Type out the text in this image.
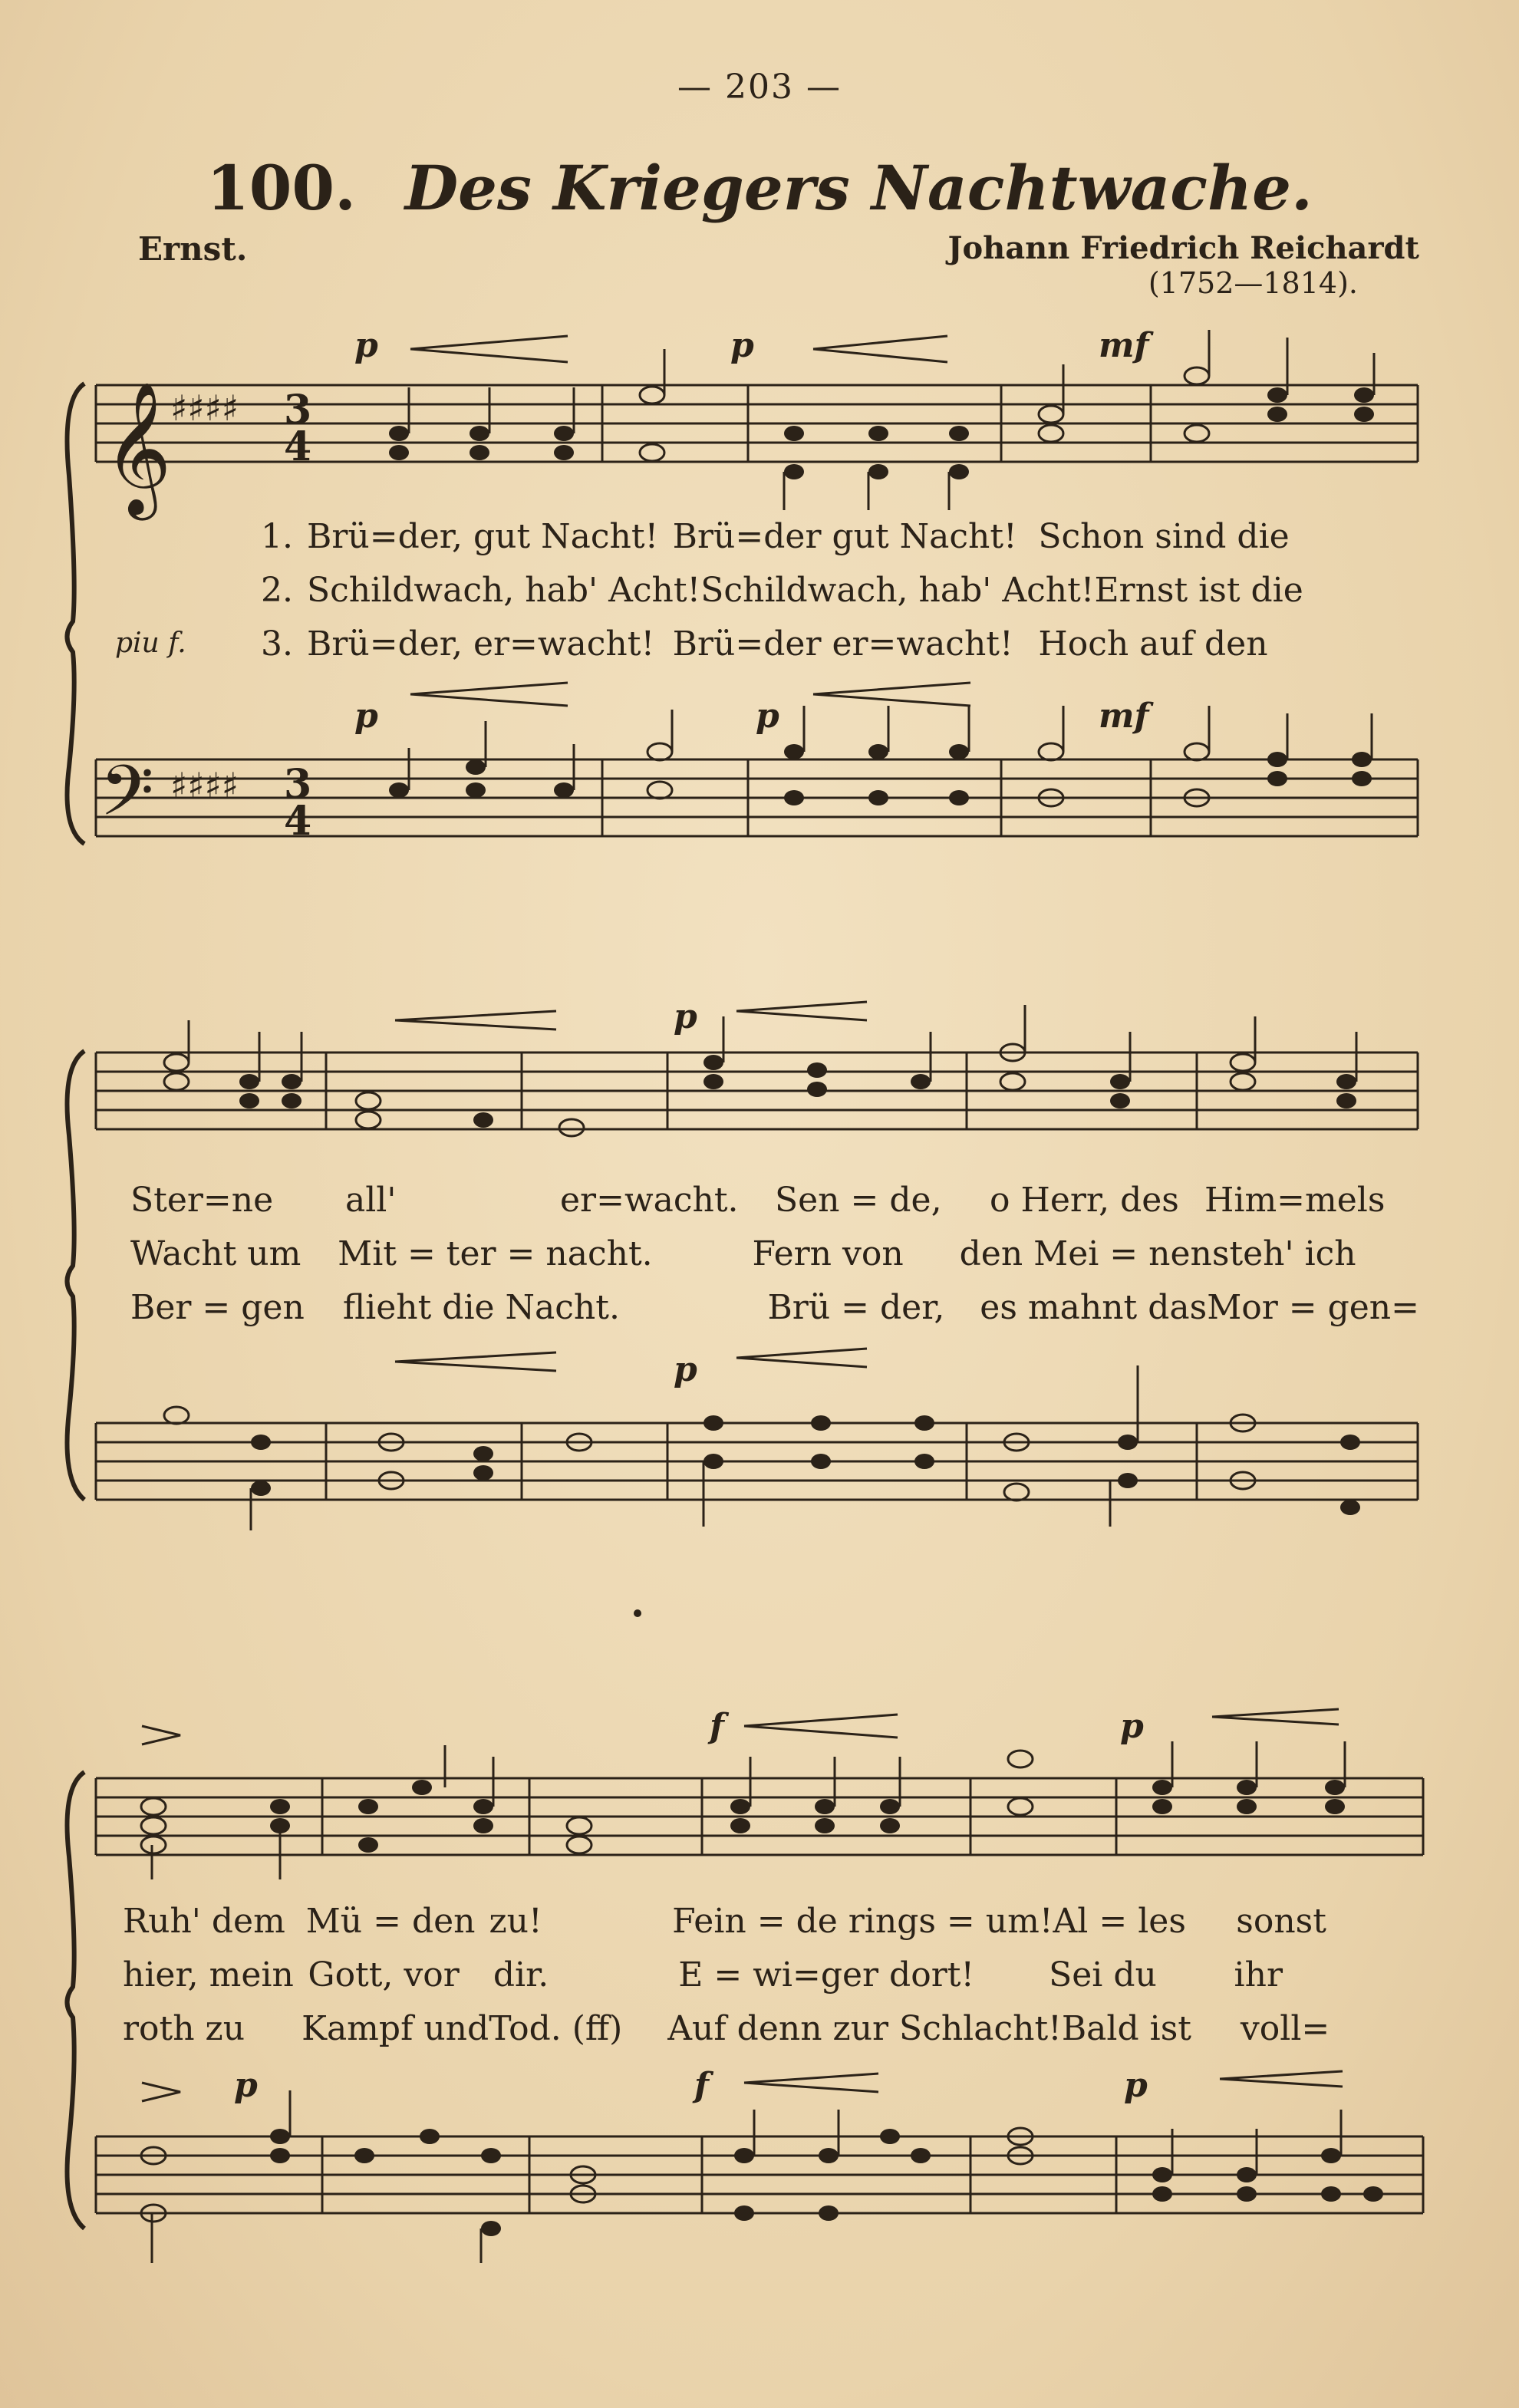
— 203 —
100. Des Kriegers Nachtwache.
Ernst.	Johann Friedrich Reichardt
(1752—1814).
𝄞
𝄢
♯♯♯♯
♯♯♯♯
3
4
3
4
p	p	mf
p	p	mf
p
p
f	p
p	f	p
piu f.
1. Brü=der, gut Nacht! Brü=der gut Nacht! Schon sind die
2. Schildwach, hab' Acht! Schildwach, hab' Acht! Ernst ist die
3. Brü=der, er=wacht! Brü=der er=wacht! Hoch auf den
Ster=ne	all'	er=wacht.	Sen = de,	o Herr, des Him=mels
Wacht um	Mit = ter = nacht.	Fern von	den Mei = nen steh' ich
Ber = gen	flieht die Nacht.	Brü = der,	es mahnt das Mor = gen=
Ruh' dem Mü = den zu!	Fein = de rings = um! Al = les	sonst
hier, mein Gott, vor	dir.	E = wi=ger dort!	Sei du	ihr
roth zu	Kampf und Tod. (ff)	Auf denn zur Schlacht! Bald ist	voll=
